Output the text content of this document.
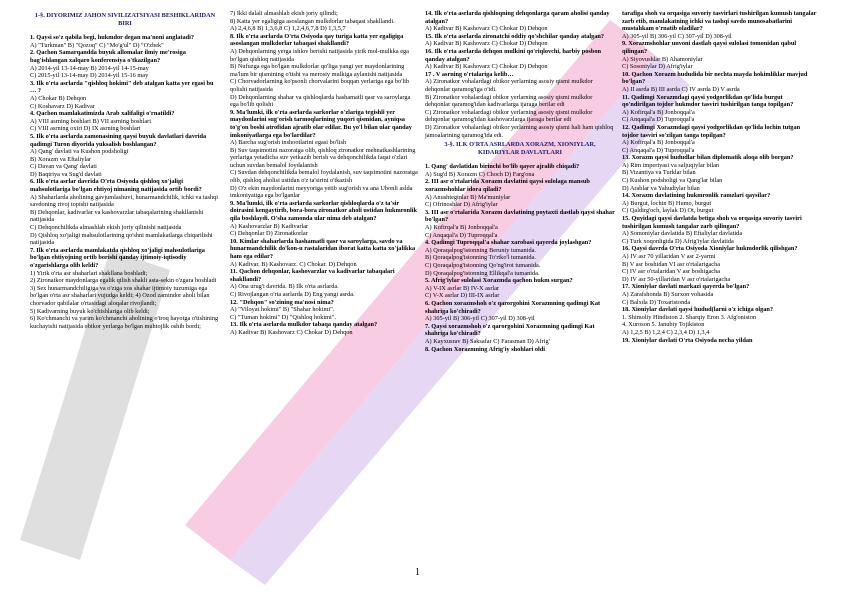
1-§. DIYORIMIZ JAHON SIVILIZATSIYASI BESHIKLARIDAN BIRI

1. Qaysi so'z qabila begi, hukmdor degan ma'noni anglatadi?

A) "Turkman" B) "Qozoq" C) "Mo'g'ul" D) "O'zbek"

2. Qachon Samarqandda buyuk allomalar ilmiy me'rosiga bag'ishlangan xalqaro konferensiya o'tkazilgan?

A) 2014-yil 13-14-may B) 2014-yil 14-15-may

C) 2015-yil 13-14-may D) 2014-yil 15-16 may

3. Ilk o'rta asrlarda "qishloq hokimi" deb atalgan katta yer egasi bu … ?

A) Chokar B) Dehqon

C) Koshavarz D) Kadivar

4. Qachon mamlakatimizda Arab xalifaligi o'rnatildi?

A) VIII asrning boshlari B) VII asrning boshlari

C) VIII asrning oxiri D) IX asrning boshlari

5. Ilk o'rta asrlarda zamonasining qaysi buyuk davlatlari davrida qadimgi Turon diyorida yuksalish boshlangan?

A) Qang' davlati va Kushon podsholigi

B) Xorazm va Eftaliylar

C) Davan va Qang' davlati

D) Baqtriya va Sug'd davlati

6. Ilk o'rta asrlar davrida O'rta Osiyoda qishloq xo'jaligi mahsulotlariga bo'lgan ehtiyoj nimaning natijasida ortib bordi?

A) Shaharlarda aholining gavjumlashuvi, hunarmandchilik, ichki va tashqi savdoning rivoj topishi natijasida

B) Dehqonlar, kadivarlar va kashovarzlar tabaqalarining shakllanishi natijasida

C) Dehqonchilikda almashlab ekish joriy qilinishi natijasida

D) Qishloq xo'jaligi mahsulotlarining qo'shni mamlakatlarga chiqarilishi natijasida

7. Ilk o'rta asrlarda mamlakatda qishloq xo'jaligi mahsulotlariga bo'lgan ehtiyojning ortib borishi qanday ijtimoiy-iqtisodiy o'zgarishlarga olib keldi?

1) Yirik o'rta asr shaharlari shakllana boshladi;

2) Zironatkor maydonlarga egalik qilish shakli asta-sekin o'zgara boshladi

3) Sex hunarmandchiligiga va o'ziga xos shahar ijtimoiy tuzumiga ega bo'lgan o'rta asr shaharlari vujudga keldi; 4) Ozod zamindor aholi bilan chorvador qabilalar o'rtasidagi aloqalar rivojlandi;

5) Kadivarning buyuk ko'chishlariga olib keldi;

6) Ko'chmanchi va yarim ko'chmanchi aholining o'troq hayotga o'tishining kuchayishi natijasida obikor yerlarga bo'lgan muhtojlik oshib bordi;

7) Ikki dalali almashlab ekish joriy qilindi;

8) Katta yer egaligiga asoslangan mulkdorlar tabaqasi shakllandi.

A) 2,4,6,8 B) 1,3,6,8 C) 1,2,4,6,7,8 D) 1,3,5,7

8. Ilk o'rta asrlarda O'rta Osiyoda qay turiga katta yer egaligiga asoslangan mulkdorlar tabaqasi shakllandi?

A) Dehqonlarning yerga ishlov berishi natijasida yirik mol-mulkka ega bo'lgan qishloq natijasida

B) Nufuzga ega bo'lgan mulkdorlar qo'liga yangi yer maydonlarining ma'lum bir qismining o'tishi va merosiy mulkiga aylanishi natijasida

C) Chorvadorlarning ko'psonli chorvalarini boqqan yerlariga ega bo'lib qolishi natijasida

D) Dehqonlarning shahar va qishloqlarda hashamatli qasr va saroylarga ega bo'lib qolishi

9. Ma'lumki, ilk o'rta asrlarda sarkorlar o'zlariga tegishli yer maydonlarini sug'orish tarmoqlarining yuqori qismidan, ayniqsa to'g'on boshi atrofidan ajratib olar edilar. Bu yo'l bilan ular qanday imkoniyatlarga ega bo'lardilar?

A) Barcha sug'orish inshootlarini egasi bo'lish

B) Suv taqsimotini nazoratga olib, qishloq zironatkor mehnatkashlarining yerlariga yetadicha suv yetkazib berish va dehqonchilikda faqat o'zlari uchun suvdan bemalol foydalanish

C) Suvdan dehqonchilikda bemalol foydalanish, suv taqsimotini nazoratga olib, qishloq aholisi ustidan o'z ta'sirini o'tkazish

D) O'z ekin maydonlarini meyyoriga yetib sug'orish va ana Ubonli aslda imkoniyatiga ega bo'lganlar

9. Ma'lumki, ilk o'rta asrlarda sarkorlar qishloqlarda o'z ta'sir doirasini kengaytirib, bora-bora zironatkor aholi ustidan hukmronlik qila boshlaydi. O'sha zamonda ular nima deb atalgan?

A) Kashovarzlar B) Kadivarlar

C) Dehqonlar D) Zironatkorlar

10. Kimlar shaharlarda hashamatli qasr va saroylarga, savdo va hunarmandchilik do'kon-u rastalaridan iborat katta katta xo'jalikka ham ega edilar?

A) Kadivar. B) Kashovarz. C) Chokar. D) Dehqon

11. Qachon dehqonlar, kashovarzlar va kadivarlar tabaqalari shakllandi?

A) Ona urug'i davrida. B) Ilk o'rta asrlarda.

C) Rivojlangan o'rta asrlarda D) Eng yangi asrda.

12. "Dehqon" so'zining ma'nosi nima?

A) "Viloyat hokimi" B) "Shahar hokimi".

C) "Tuman hokimi" D) "Qishloq hokimi".

13. Ilk o'rta asrlarda mulkdor tabaqa qanday atalgan?

A) Kadivar B) Kashovarz C) Chokar D) Dehqon

14. Ilk o'rta asrlarda qishloqning dehqonlarga qaram aholisi qanday atalgan?

A) Kadivar B) Kashovarz C) Chokar D) Dehqon

15. Ilk o'rta asrlarda zironatchi oddiy qo'shchilar qanday atalgan?

A) Kadivar B) Kashovarz C) Chokar D) Dehqon

16. Ilk o'rta asrlarda dehqon mulkini qo'riqlovchi, harbiy posbon qanday atalgan?

A) Kadivar B) Kashovarz C) Chokar D) Dehqon

17 . V asrning o'rtalariga kelib…

A) Zironatkor vohalardagi obikor yerlarning asosiy qismi mulkdor dehqonlar qaramog'iga o'tdi.

B) Zironatkor vohalardagi obikor yerlarning asosiy qismi mulkdor dehqonlar qaramog'idan kadivarlarga ijaraga berilar edi

C) Zironatkor vohalardagi obikor yerlarning asosiy qismi mulkdor dehqonlar qaramog'idan kashovarzlarga ijaraga berilar edi

D) Zironatkor vohalardagi obikor yerlarning asosiy qismi hali ham qishloq jamoalarining qaramog'ida edi.

3-§. ILK O'RTA ASRLARDA XORAZM, XIONIYLAR, KIDARIYLAR DAVLATLARI

1. Qang' davlatidan birinchi bo'lib qayer ajralib chiqadi?

A) Sug'd B) Xorazm C) Choch D) Farg'ona

2. III asr o'rtalarida Xorazm davlatini qaysi sulolaga mansub xorazmshohlar idora qiladi?

A) Anushteginlar B) Ma'muniylar

C) Ofrinoshlar D) Afrig'iylar

3. III asr o'rtalarida Xorazm davlatining poytaxti dastlab qaysi shahar bo'lgan?

A) Kofirqal'a B) Jonboqqal'a

C) Anqaqal'a D) Tuproqqal'a

4. Qadimgi Tuproqqal'a shahar xarobasi qayerda joylashgan?

A) Qoraqalpog'istonning Beruniy tumanida.

B) Qoraqalpog'istonning To'rtko'l tumanida.

C) Qoraqalpog'istonning Qo'ng'irot tumanida.

D) Qoraqalpog'istonning Ellikqal'a tumanida.

5. Afrig'iylar sulolasi Xorazmda qachon hukm surgan?

A) V-IX asrlar B) IV-X asrlar

C) V-X asrlar D) III-IX asrlar

6. Qachon xorazmshoh o'z qarorgohini Xorazmning qadimgi Kat shahriga ko'chiradi?

A) 305-yil B) 306-yil C) 307-yil D) 308-yil

7. Qaysi xorazmshoh o'z qarorgohini Xorazmning qadimgi Kat shahriga ko'chiradi?

A) Kayxusrav B) Saksafar C) Farasman D) Afrig'

8. Qachon Xorazmning Afrig'iy shohlari oldi

tarafiga shoh va orqasiga suvoriy tasvirlari tushirilgan kumush tangalar zarb etib, mamlakatning ichki va tashqi savdo munosabatlarini mustahkam o'rnatib oladilar?

A) 305-yil B) 306-yil C) 307-yil D) 308-yil

9. Xorazmshohlar unvoni dastlab qaysi sulolasi tomonidan qabul qilingan?

A) Siyovushlar B) Ahamoniylar

C) Sosoniylar D) Afrig'iylar

10. Qachon Xorazm hududida bir nechta mayda hokimliklar mavjud bo'lgan?

A) II asrda B) III asrda C) IV asrda D) V asrda

11. Qadimgi Xorazmdagi qaysi yodgorlikdan qo'lida burgut qo'ndirilgan tojdor hukmdor tasviri tushirilgan tanga topilgan?

A) Kofirqal'a B) Jonboqqal'a

C) Anqaqal'a D) Tuproqqal'a

12. Qadimgi Xorazmdagi qaysi yodgorlikdan qo'lida lochin tutgan tojdor tasviri so'zilgan tanga topilgan?

A) Kofirqal'a B) Jonboqqal'a

C) Anqaqal'a D) Tuproqqal'a

13. Xorazm qaysi hududlar bilan diplomatik aloqa olib borgan?

A) Rim imperiyasi va saljuqiylar bilan

B) Vizantiya va Turklar bilan

C) Kushon podsholigi va Qang'lar bilan

D) Arablar va Yahudiylar bilan

14. Xorazm davlatining hukmronlik ramzlari qaysilar?

A) Burgut, lochin B) Humo, burgut

C) Qaldirg'och, laylak D) Ot, burgut

15. Quyidagi qaysi davlatda betiga shoh va orqasiga suvoriy tasviri tushirilgan kumush tangalar zarb qilingan?

A) Somoniylar davlatida B) Eftaliylar davlatida

C) Turk xoqonligida D) Afrig'iylar davlatida

16. Qaysi davrda O'rta Osiyoda Xioniylar hukmdorlik qilishgan?

A) IV asr 70 yillaridan V asr 2-yarmi

B) V asr boshidan VI asr o'rtalarigacha

C) IV asr o'rtalaridan V asr boshigacha

D) IV asr 50-yillaridan V asr o'rtalarigacha

17. Xioniylar davlati markazi qayerda bo'lgan?

A) Zarafshonda B) Surxon vohasida

C) Balxda D) Toxaristonda

18. Xioniylar davlati qaysi hudud(larni o'z ichiga olgan?

1. Shimoliy Hindiston 2. Sharqiy Eron 3. Afg'oniston

4. Xuroson 5. Janubiy Tojikiston

A) 1,2,5 B) 1,2,4 C) 2,3,4 D) 1,3,4

19. Xioniylar davlati O'rta Osiyoda necha yildan

1
